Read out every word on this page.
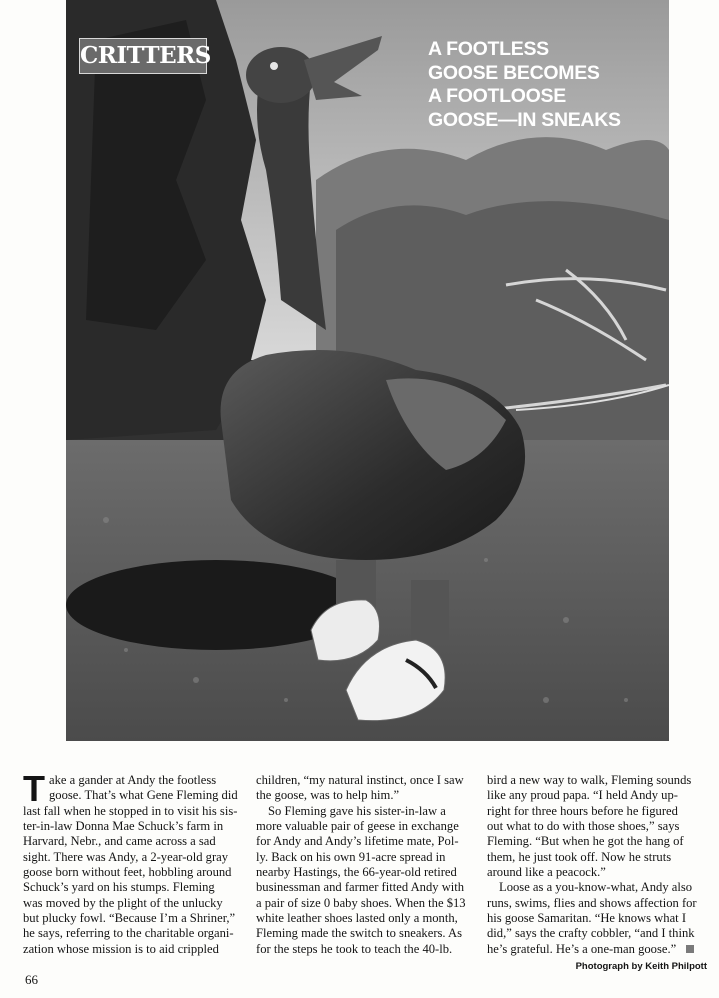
CRITTERS	A FOOTLESS
GOOSE BECOMES
A FOOTLOOSE
GOOSE—IN SNEAKS
T ake a gander at Andy the footless
goose. That’s what Gene Fleming did
last fall when he stopped in to visit his sis-
ter-in-law Donna Mae Schuck’s farm in
Harvard, Nebr., and came across a sad
sight. There was Andy, a 2-year-old gray
goose born without feet, hobbling around
Schuck’s yard on his stumps. Fleming
was moved by the plight of the unlucky
but plucky fowl. “Because I’m a Shriner,”
he says, referring to the charitable organi-
zation whose mission is to aid crippled
children, “my natural instinct, once I saw
the goose, was to help him.”
So Fleming gave his sister-in-law a
more valuable pair of geese in exchange
for Andy and Andy’s lifetime mate, Pol-
ly. Back on his own 91-acre spread in
nearby Hastings, the 66-year-old retired
businessman and farmer fitted Andy with
a pair of size 0 baby shoes. When the $13
white leather shoes lasted only a month,
Fleming made the switch to sneakers. As
for the steps he took to teach the 40-lb.
bird a new way to walk, Fleming sounds
like any proud papa. “I held Andy up-
right for three hours before he figured
out what to do with those shoes,” says
Fleming. “But when he got the hang of
them, he just took off. Now he struts
around like a peacock.”
Loose as a you-know-what, Andy also
runs, swims, flies and shows affection for
his goose Samaritan. “He knows what I
did,” says the crafty cobbler, “and I think
he’s grateful. He’s a one-man goose.”
Photograph by Keith Philpott
66
